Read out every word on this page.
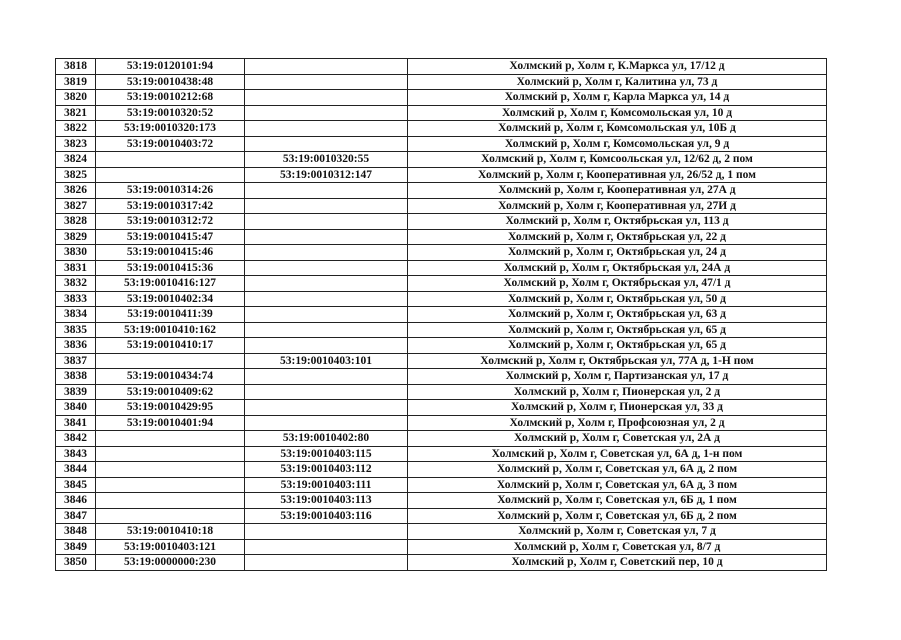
3818	53:19:0120101:94		Холмский р, Холм г, К.Маркса ул, 17/12 д
3819	53:19:0010438:48		Холмский р, Холм г, Калитина ул, 73 д
3820	53:19:0010212:68		Холмский р, Холм г, Карла Маркса ул, 14 д
3821	53:19:0010320:52		Холмский р, Холм г, Комсомольская ул, 10 д
3822	53:19:0010320:173		Холмский р, Холм г, Комсомольская ул, 10Б д
3823	53:19:0010403:72		Холмский р, Холм г, Комсомольская ул, 9 д
3824		53:19:0010320:55	Холмский р, Холм г, Комсоольская ул, 12/62 д, 2 пом
3825		53:19:0010312:147	Холмский р, Холм г, Кооперативная ул, 26/52 д, 1 пом
3826	53:19:0010314:26		Холмский р, Холм г, Кооперативная ул, 27А д
3827	53:19:0010317:42		Холмский р, Холм г, Кооперативная ул, 27И д
3828	53:19:0010312:72		Холмский р, Холм г, Октябрьская ул, 113 д
3829	53:19:0010415:47		Холмский р, Холм г, Октябрьская ул, 22 д
3830	53:19:0010415:46		Холмский р, Холм г, Октябрьская ул, 24 д
3831	53:19:0010415:36		Холмский р, Холм г, Октябрьская ул, 24А д
3832	53:19:0010416:127		Холмский р, Холм г, Октябрьская ул, 47/1 д
3833	53:19:0010402:34		Холмский р, Холм г, Октябрьская ул, 50 д
3834	53:19:0010411:39		Холмский р, Холм г, Октябрьская ул, 63 д
3835	53:19:0010410:162		Холмский р, Холм г, Октябрьская ул, 65 д
3836	53:19:0010410:17		Холмский р, Холм г, Октябрьская ул, 65 д
3837		53:19:0010403:101	Холмский р, Холм г, Октябрьская ул, 77А д, 1-Н пом
3838	53:19:0010434:74		Холмский р, Холм г, Партизанская ул, 17 д
3839	53:19:0010409:62		Холмский р, Холм г, Пионерская ул, 2 д
3840	53:19:0010429:95		Холмский р, Холм г, Пионерская ул, 33 д
3841	53:19:0010401:94		Холмский р, Холм г, Профсоюзная ул, 2 д
3842		53:19:0010402:80	Холмский р, Холм г, Советская ул, 2А д
3843		53:19:0010403:115	Холмский р, Холм г, Советская ул, 6А д, 1-н пом
3844		53:19:0010403:112	Холмский р, Холм г, Советская ул, 6А д, 2 пом
3845		53:19:0010403:111	Холмский р, Холм г, Советская ул, 6А д, 3 пом
3846		53:19:0010403:113	Холмский р, Холм г, Советская ул, 6Б д, 1 пом
3847		53:19:0010403:116	Холмский р, Холм г, Советская ул, 6Б д, 2 пом
3848	53:19:0010410:18		Холмский р, Холм г, Советская ул, 7 д
3849	53:19:0010403:121		Холмский р, Холм г, Советская ул, 8/7 д
3850	53:19:0000000:230		Холмский р, Холм г, Советский пер, 10 д
